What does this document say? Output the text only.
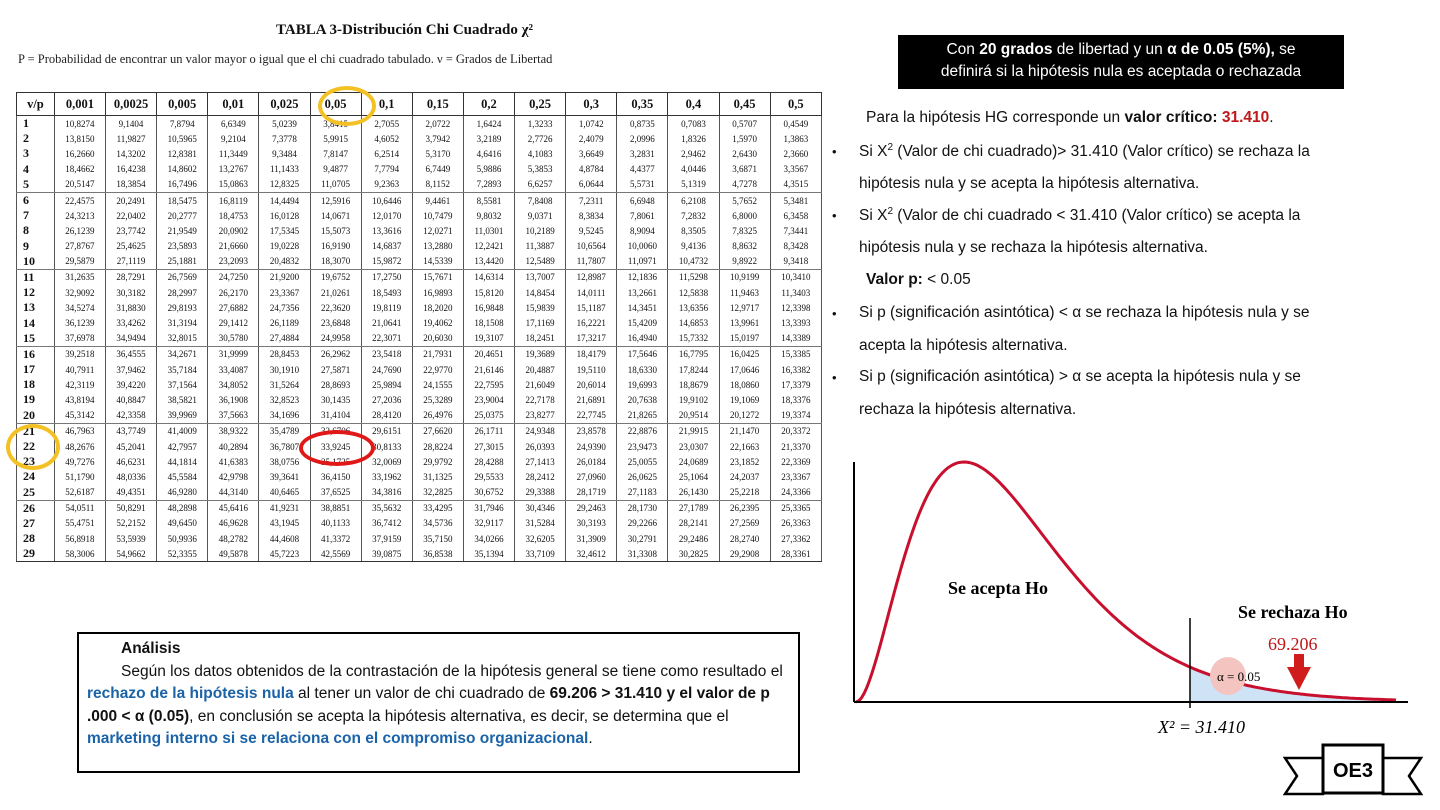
TABLA 3-Distribución Chi Cuadrado χ²
P = Probabilidad de encontrar un valor mayor o igual que el chi cuadrado tabulado. ν = Grados de Libertad
v/p	0,001	0,0025	0,005	0,01	0,025	0,05	0,1	0,15	0,2	0,25	0,3	0,35	0,4	0,45	0,5
1	10,8274	9,1404	7,8794	6,6349	5,0239	3,8415	2,7055	2,0722	1,6424	1,3233	1,0742	0,8735	0,7083	0,5707	0,4549
2	13,8150	11,9827	10,5965	9,2104	7,3778	5,9915	4,6052	3,7942	3,2189	2,7726	2,4079	2,0996	1,8326	1,5970	1,3863
3	16,2660	14,3202	12,8381	11,3449	9,3484	7,8147	6,2514	5,3170	4,6416	4,1083	3,6649	3,2831	2,9462	2,6430	2,3660
4	18,4662	16,4238	14,8602	13,2767	11,1433	9,4877	7,7794	6,7449	5,9886	5,3853	4,8784	4,4377	4,0446	3,6871	3,3567
5	20,5147	18,3854	16,7496	15,0863	12,8325	11,0705	9,2363	8,1152	7,2893	6,6257	6,0644	5,5731	5,1319	4,7278	4,3515
6	22,4575	20,2491	18,5475	16,8119	14,4494	12,5916	10,6446	9,4461	8,5581	7,8408	7,2311	6,6948	6,2108	5,7652	5,3481
7	24,3213	22,0402	20,2777	18,4753	16,0128	14,0671	12,0170	10,7479	9,8032	9,0371	8,3834	7,8061	7,2832	6,8000	6,3458
8	26,1239	23,7742	21,9549	20,0902	17,5345	15,5073	13,3616	12,0271	11,0301	10,2189	9,5245	8,9094	8,3505	7,8325	7,3441
9	27,8767	25,4625	23,5893	21,6660	19,0228	16,9190	14,6837	13,2880	12,2421	11,3887	10,6564	10,0060	9,4136	8,8632	8,3428
10	29,5879	27,1119	25,1881	23,2093	20,4832	18,3070	15,9872	14,5339	13,4420	12,5489	11,7807	11,0971	10,4732	9,8922	9,3418
11	31,2635	28,7291	26,7569	24,7250	21,9200	19,6752	17,2750	15,7671	14,6314	13,7007	12,8987	12,1836	11,5298	10,9199	10,3410
12	32,9092	30,3182	28,2997	26,2170	23,3367	21,0261	18,5493	16,9893	15,8120	14,8454	14,0111	13,2661	12,5838	11,9463	11,3403
13	34,5274	31,8830	29,8193	27,6882	24,7356	22,3620	19,8119	18,2020	16,9848	15,9839	15,1187	14,3451	13,6356	12,9717	12,3398
14	36,1239	33,4262	31,3194	29,1412	26,1189	23,6848	21,0641	19,4062	18,1508	17,1169	16,2221	15,4209	14,6853	13,9961	13,3393
15	37,6978	34,9494	32,8015	30,5780	27,4884	24,9958	22,3071	20,6030	19,3107	18,2451	17,3217	16,4940	15,7332	15,0197	14,3389
16	39,2518	36,4555	34,2671	31,9999	28,8453	26,2962	23,5418	21,7931	20,4651	19,3689	18,4179	17,5646	16,7795	16,0425	15,3385
17	40,7911	37,9462	35,7184	33,4087	30,1910	27,5871	24,7690	22,9770	21,6146	20,4887	19,5110	18,6330	17,8244	17,0646	16,3382
18	42,3119	39,4220	37,1564	34,8052	31,5264	28,8693	25,9894	24,1555	22,7595	21,6049	20,6014	19,6993	18,8679	18,0860	17,3379
19	43,8194	40,8847	38,5821	36,1908	32,8523	30,1435	27,2036	25,3289	23,9004	22,7178	21,6891	20,7638	19,9102	19,1069	18,3376
20	45,3142	42,3358	39,9969	37,5663	34,1696	31,4104	28,4120	26,4976	25,0375	23,8277	22,7745	21,8265	20,9514	20,1272	19,3374
21	46,7963	43,7749	41,4009	38,9322	35,4789	32,6706	29,6151	27,6620	26,1711	24,9348	23,8578	22,8876	21,9915	21,1470	20,3372
22	48,2676	45,2041	42,7957	40,2894	36,7807	33,9245	30,8133	28,8224	27,3015	26,0393	24,9390	23,9473	23,0307	22,1663	21,3370
23	49,7276	46,6231	44,1814	41,6383	38,0756	35,1725	32,0069	29,9792	28,4288	27,1413	26,0184	25,0055	24,0689	23,1852	22,3369
24	51,1790	48,0336	45,5584	42,9798	39,3641	36,4150	33,1962	31,1325	29,5533	28,2412	27,0960	26,0625	25,1064	24,2037	23,3367
25	52,6187	49,4351	46,9280	44,3140	40,6465	37,6525	34,3816	32,2825	30,6752	29,3388	28,1719	27,1183	26,1430	25,2218	24,3366
26	54,0511	50,8291	48,2898	45,6416	41,9231	38,8851	35,5632	33,4295	31,7946	30,4346	29,2463	28,1730	27,1789	26,2395	25,3365
27	55,4751	52,2152	49,6450	46,9628	43,1945	40,1133	36,7412	34,5736	32,9117	31,5284	30,3193	29,2266	28,2141	27,2569	26,3363
28	56,8918	53,5939	50,9936	48,2782	44,4608	41,3372	37,9159	35,7150	34,0266	32,6205	31,3909	30,2791	29,2486	28,2740	27,3362
29	58,3006	54,9662	52,3355	49,5878	45,7223	42,5569	39,0875	36,8538	35,1394	33,7109	32,4612	31,3308	30,2825	29,2908	28,3361
Con 20 grados de libertad y un α de 0.05 (5%), se
definirá si la hipótesis nula es aceptada o rechazada
Para la hipótesis HG corresponde un valor crítico: 31.410.
• Si $X^2$ (Valor de chi cuadrado)> 31.410 (Valor crítico) se rechaza la
hipótesis nula y se acepta la hipótesis alternativa.
• Si $X^2$ (Valor de chi cuadrado < 31.410 (Valor crítico) se acepta la
hipótesis nula y se rechaza la hipótesis alternativa.
Valor p: < 0.05
• Si p (significación asintótica) < α se rechaza la hipótesis nula y se
acepta la hipótesis alternativa.
• Si p (significación asintótica) > α se acepta la hipótesis nula y se
rechaza la hipótesis alternativa.
Análisis
Según los datos obtenidos de la contrastación de la hipótesis general se tiene como resultado el rechazo de la hipótesis nula al tener un valor de chi cuadrado de 69.206 > 31.410 y el valor de p .000 < α (0.05), en conclusión se acepta la hipótesis alternativa, es decir, se determina que el marketing interno si se relaciona con el compromiso organizacional.
Se acepta Ho
Se rechaza Ho
69.206
α = 0.05
X² = 31.410
OE3
